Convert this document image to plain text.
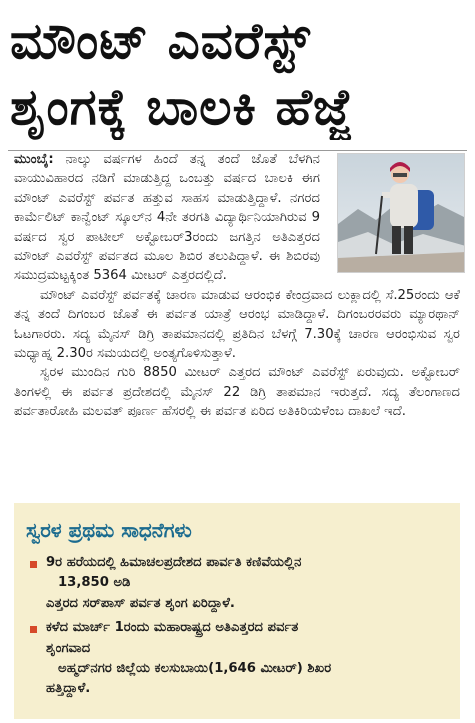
ಮೌಂಟ್ ಎವರೆಸ್ಟ್
ಶೃಂಗಕ್ಕೆ ಬಾಲಕಿ ಹೆಜ್ಜೆ

ಮುಂಬೈ: ನಾಲ್ಕು ವರ್ಷಗಳ ಹಿಂದೆ ತನ್ನ ತಂದೆ ಜೊತೆ ಬೆಳಗಿನ ವಾಯುವಿಹಾರದ ನಡಿಗೆ ಮಾಡುತ್ತಿದ್ದ ಒಂಬತ್ತು ವರ್ಷದ ಬಾಲಕಿ ಈಗ ಮೌಂಟ್ ಎವರೆಸ್ಟ್ ಪರ್ವತ ಹತ್ತುವ ಸಾಹಸ ಮಾಡುತ್ತಿದ್ದಾಳೆ. ನಗರದ ಕಾರ್ಮೆಲಿಟ್ ಕಾನ್ವೆಂಟ್ ಸ್ಕೂಲ್‌ನ 4ನೇ ತರಗತಿ ವಿದ್ಯಾರ್ಥಿನಿಯಾಗಿರುವ 9 ವರ್ಷದ ಸ್ವರ ಪಾಟೀಲ್ ಅಕ್ಟೋಬರ್3ರಂದು ಜಗತ್ತಿನ ಅತಿಎತ್ತರದ ಮೌಂಟ್ ಎವರೆಸ್ಟ್ ಪರ್ವತದ ಮೂಲ ಶಿಬಿರ ತಲುಪಿದ್ದಾಳೆ. ಈ ಶಿಬಿರವು ಸಮುದ್ರಮಟ್ಟಕ್ಕಿಂತ 5364 ಮೀಟರ್ ಎತ್ತರದಲ್ಲಿದೆ.

ಮೌಂಟ್ ಎವರೆಸ್ಟ್ ಪರ್ವತಕ್ಕೆ ಚಾರಣ ಮಾಡುವ ಆರಂಭಿಕ ಕೇಂದ್ರವಾದ ಲುಕ್ಲಾದಲ್ಲಿ ಸೆ.25ರಂದು ಆಕೆ ತನ್ನ ತಂದೆ ದಿಗಂಬರ ಜೊತೆ ಈ ಪರ್ವತ ಯಾತ್ರೆ ಆರಂಭ ಮಾಡಿದ್ದಾಳೆ. ದಿಗಂಬರರವರು ಮ್ಯಾರಥಾನ್ ಓಟಗಾರರು. ಸದ್ಯ ಮೈನಸ್ ಡಿಗ್ರಿ ತಾಪಮಾನದಲ್ಲಿ ಪ್ರತಿದಿನ ಬೆಳಗ್ಗೆ 7.30ಕ್ಕೆ ಚಾರಣ ಆರಂಭಿಸುವ ಸ್ವರ ಮಧ್ಯಾಹ್ನ 2.30ರ ಸಮಯದಲ್ಲಿ ಅಂತ್ಯಗೊಳಿಸುತ್ತಾಳೆ.

ಸ್ವರಳ ಮುಂದಿನ ಗುರಿ 8850 ಮೀಟರ್ ಎತ್ತರದ ಮೌಂಟ್ ಎವರೆಸ್ಟ್ ಏರುವುದು. ಅಕ್ಟೋಬರ್ ತಿಂಗಳಲ್ಲಿ ಈ ಪರ್ವತ ಪ್ರದೇಶದಲ್ಲಿ ಮೈನಸ್ 22 ಡಿಗ್ರಿ ತಾಪಮಾನ ಇರುತ್ತದೆ. ಸದ್ಯ ತೆಲಂಗಾಣದ ಪರ್ವತಾರೋಹಿ ಮಲವತ್ ಪೂರ್ಣ ಹೆಸರಲ್ಲಿ ಈ ಪರ್ವತ ಏರಿದ ಅತಿಕಿರಿಯಳೆಂಬ ದಾಖಲೆ ಇದೆ.

ಸ್ವರಳ ಪ್ರಥಮ ಸಾಧನೆಗಳು
9ರ ಹರೆಯದಲ್ಲಿ ಹಿಮಾಚಲಪ್ರದೇಶದ ಪಾರ್ವತಿ ಕಣಿವೆಯಲ್ಲಿನ
13,850 ಅಡಿ
ಎತ್ತರದ ಸರ್‌ಪಾಸ್ ಪರ್ವತ ಶೃಂಗ ಏರಿದ್ದಾಳೆ.
ಕಳೆದ ಮಾರ್ಚ್ 1ರಂದು ಮಹಾರಾಷ್ಟ್ರದ ಅತಿಎತ್ತರದ ಪರ್ವತ
ಶೃಂಗವಾದ
ಅಹ್ಮದ್‌ನಗರ ಜಿಲ್ಲೆಯ ಕಲಸುಬಾಯಿ(1,646 ಮೀಟರ್) ಶಿಖರ
ಹತ್ತಿದ್ದಾಳೆ.
